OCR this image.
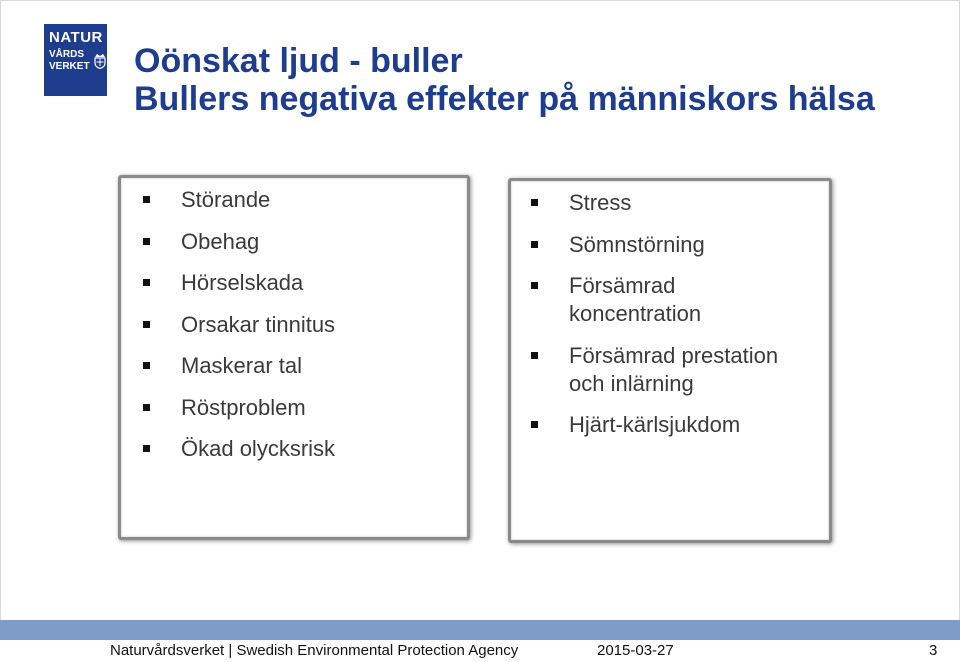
NATUR
VÅRDS
VERKET Oönskat ljud - buller
Bullers negativa effekter på människors hälsa
Störande
Obehag
Hörselskada
Orsakar tinnitus
Maskerar tal
Röstproblem
Ökad olycksrisk
Stress
Sömnstörning
Försämrad
koncentration
Försämrad prestation
och inlärning
Hjärt-kärlsjukdom
Naturvårdsverket | Swedish Environmental Protection Agency	2015-03-27	3
